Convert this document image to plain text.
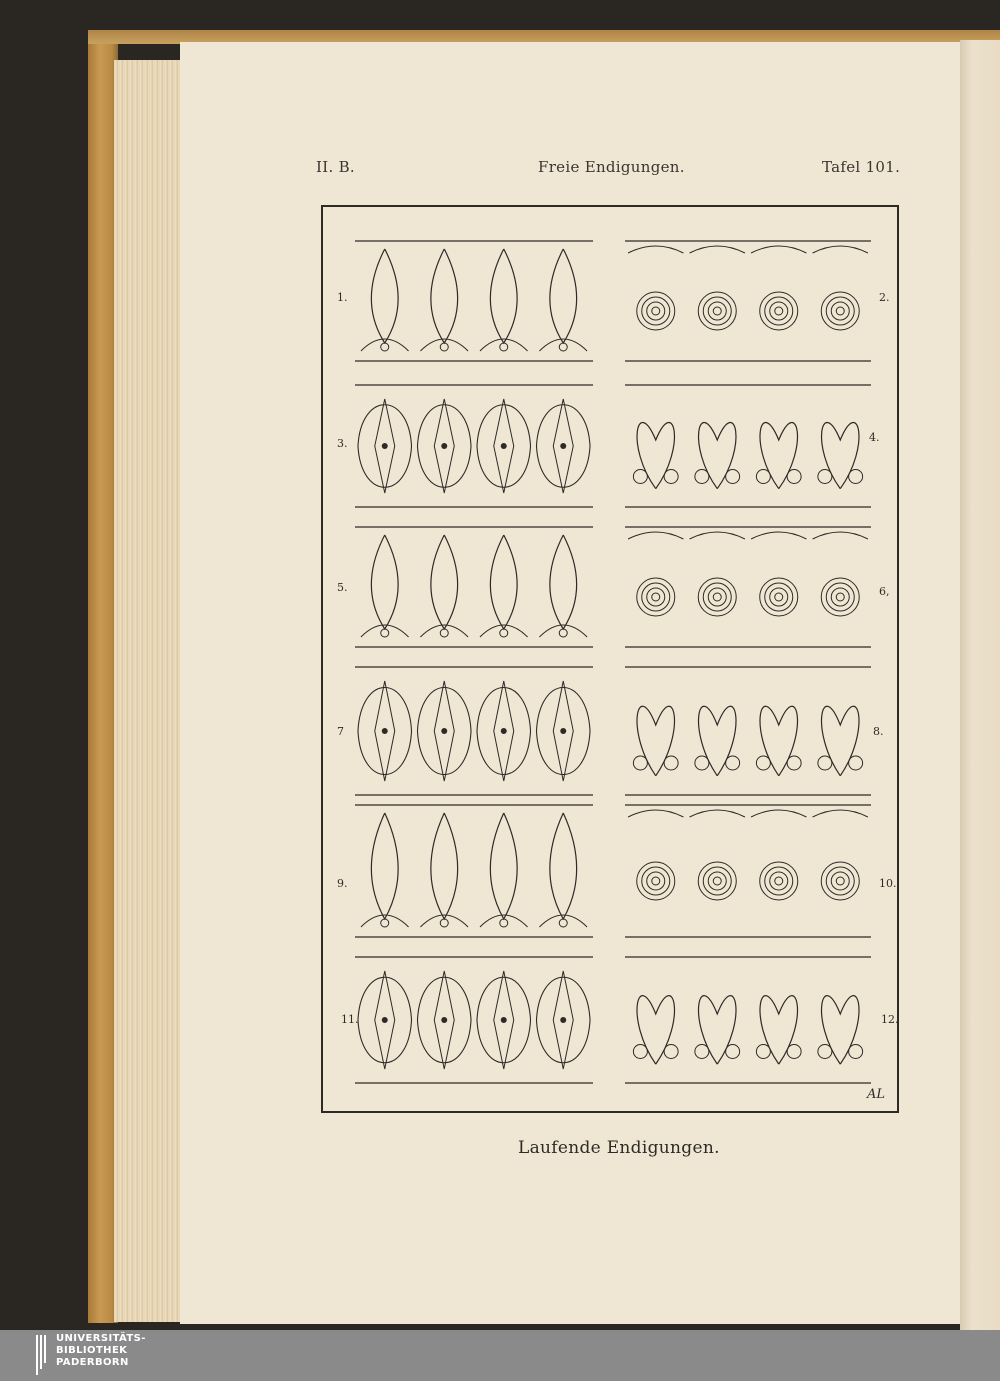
II. B.	Freie Endigungen.	Tafel 101.
1.	2.
3.	4.
5.	6,
7	8.
9.	10.
11.	12.
AL
Laufende Endigungen.
UNIVERSITÄTS-
BIBLIOTHEK
PADERBORN
